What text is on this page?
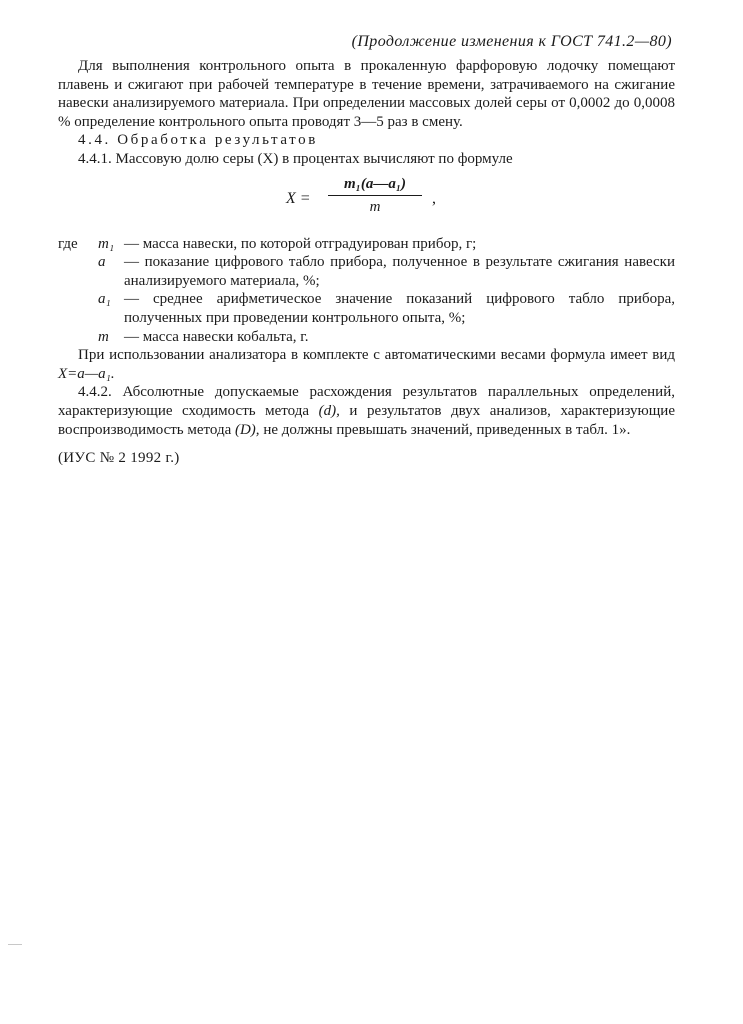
(Продолжение изменения к ГОСТ 741.2—80)

Для выполнения контрольного опыта в прокаленную фарфоровую лодочку помещают плавень и сжигают при рабочей температуре в течение времени, затрачиваемого на сжигание навески анализируемого материала. При определении массовых долей серы от 0,0002 до 0,0008 % определение контрольного опыта проводят 3—5 раз в смену.

4.4. Обработка результатов

4.4.1. Массовую долю серы (X) в процентах вычисляют по формуле

$X = \frac{\text{m₁(a—a₁)}}{m}$ ,
где	m₁ — масса навески, по которой отградуирован прибор, г;
a	— показание цифрового табло прибора, полученное в результате сжигания навески анализируемого материала, %;
a₁ — среднее арифметическое значение показаний цифрового табло прибора, полученных при проведении контрольного опыта, %;
m	— масса навески кобальта, г.

При использовании анализатора в комплекте с автоматическими весами формула имеет вид X=a—a₁.

4.4.2. Абсолютные допускаемые расхождения результатов параллельных определений, характеризующие сходимость метода (d), и результатов двух анализов, характеризующие воспроизводимость метода (D), не должны превышать значений, приведенных в табл. 1».

(ИУС № 2 1992 г.)
